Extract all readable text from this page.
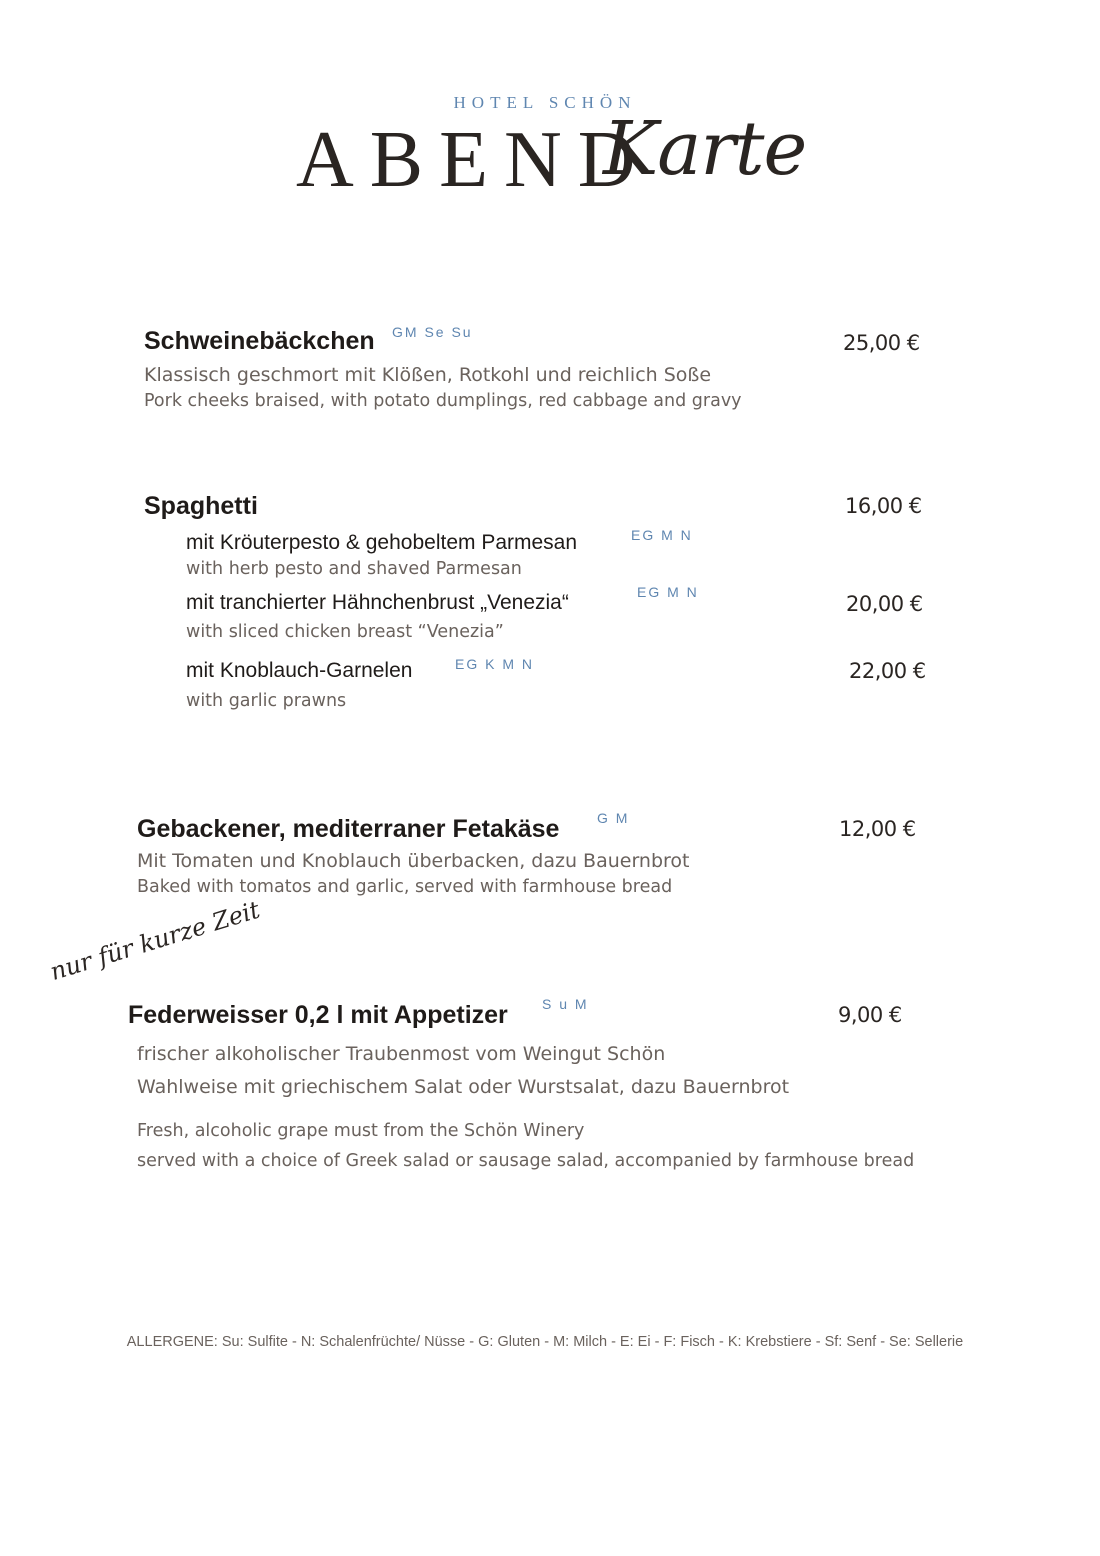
HOTEL SCHÖN
ABEND
Karte
Schweinebäckchen GM Se Su	25,00 €
Klassisch geschmort mit Klößen, Rotkohl und reichlich Soße
Pork cheeks braised, with potato dumplings, red cabbage and gravy
Spaghetti	16,00 €
mit Kröuterpesto & gehobeltem Parmesan	EG M N
with herb pesto and shaved Parmesan
mit tranchierter Hähnchenbrust „Venezia“	EG M N	20,00 €
with sliced chicken breast “Venezia”
mit Knoblauch-Garnelen	EG K M N	22,00 €
with garlic prawns
Gebackener, mediterraner Fetakäse	G M	12,00 €
Mit Tomaten und Knoblauch überbacken, dazu Bauernbrot
Baked with tomatos and garlic, served with farmhouse bread
nur für kurze Zeit
Federweisser 0,2 l mit Appetizer S u M	9,00 €
frischer alkoholischer Traubenmost vom Weingut Schön
Wahlweise mit griechischem Salat oder Wurstsalat, dazu Bauernbrot
Fresh, alcoholic grape must from the Schön Winery
served with a choice of Greek salad or sausage salad, accompanied by farmhouse bread
ALLERGENE: Su: Sulfite - N: Schalenfrüchte/ Nüsse - G: Gluten - M: Milch - E: Ei - F: Fisch - K: Krebstiere - Sf: Senf - Se: Sellerie
